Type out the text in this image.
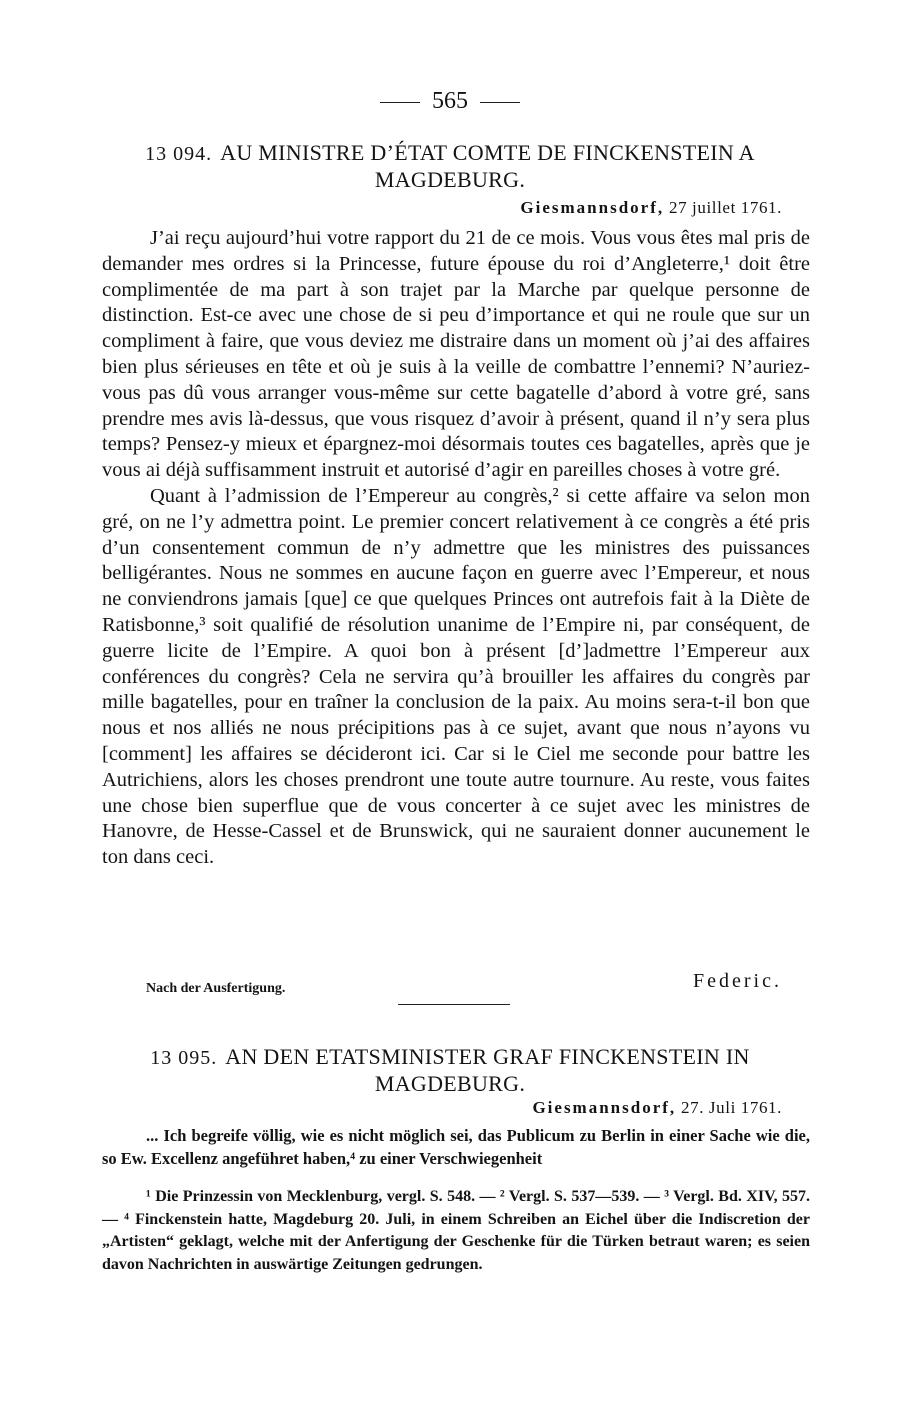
565
13 094. AU MINISTRE D’ÉTAT COMTE DE FINCKENSTEIN A MAGDEBURG.
Giesmannsdorf, 27 juillet 1761.

J’ai reçu aujourd’hui votre rapport du 21 de ce mois. Vous vous êtes mal pris de demander mes ordres si la Princesse, future épouse du roi d’Angleterre,¹ doit être complimentée de ma part à son trajet par la Marche par quelque personne de distinction. Est-ce avec une chose de si peu d’importance et qui ne roule que sur un compliment à faire, que vous deviez me distraire dans un moment où j’ai des affaires bien plus sérieuses en tête et où je suis à la veille de combattre l’ennemi? N’auriez-vous pas dû vous arranger vous-même sur cette bagatelle d’abord à votre gré, sans prendre mes avis là-dessus, que vous risquez d’avoir à présent, quand il n’y sera plus temps? Pensez-y mieux et épargnez-moi désormais toutes ces bagatelles, après que je vous ai déjà suffisamment instruit et autorisé d’agir en pareilles choses à votre gré.

Quant à l’admission de l’Empereur au congrès,² si cette affaire va selon mon gré, on ne l’y admettra point. Le premier concert relativement à ce congrès a été pris d’un consentement commun de n’y admettre que les ministres des puissances belligérantes. Nous ne sommes en aucune façon en guerre avec l’Empereur, et nous ne conviendrons jamais [que] ce que quelques Princes ont autrefois fait à la Diète de Ratisbonne,³ soit qualifié de résolution unanime de l’Empire ni, par conséquent, de guerre licite de l’Empire. A quoi bon à présent [d’]admettre l’Empereur aux conférences du congrès? Cela ne servira qu’à brouiller les affaires du congrès par mille bagatelles, pour en traîner la conclusion de la paix. Au moins sera-t-il bon que nous et nos alliés ne nous précipitions pas à ce sujet, avant que nous n’ayons vu [comment] les affaires se décideront ici. Car si le Ciel me seconde pour battre les Autrichiens, alors les choses prendront une toute autre tournure. Au reste, vous faites une chose bien superflue que de vous concerter à ce sujet avec les ministres de Hanovre, de Hesse-Cassel et de Brunswick, qui ne sauraient donner aucunement le ton dans ceci.

Federic.
Nach der Ausfertigung.
13 095. AN DEN ETATSMINISTER GRAF FINCKENSTEIN IN MAGDEBURG.
Giesmannsdorf, 27. Juli 1761.

... Ich begreife völlig, wie es nicht möglich sei, das Publicum zu Berlin in einer Sache wie die, so Ew. Excellenz angeführet haben,⁴ zu einer Verschwiegenheit

¹ Die Prinzessin von Mecklenburg, vergl. S. 548. — ² Vergl. S. 537—539. — ³ Vergl. Bd. XIV, 557. — ⁴ Finckenstein hatte, Magdeburg 20. Juli, in einem Schreiben an Eichel über die Indiscretion der „Artisten“ geklagt, welche mit der Anfertigung der Geschenke für die Türken betraut waren; es seien davon Nachrichten in auswärtige Zeitungen gedrungen.
